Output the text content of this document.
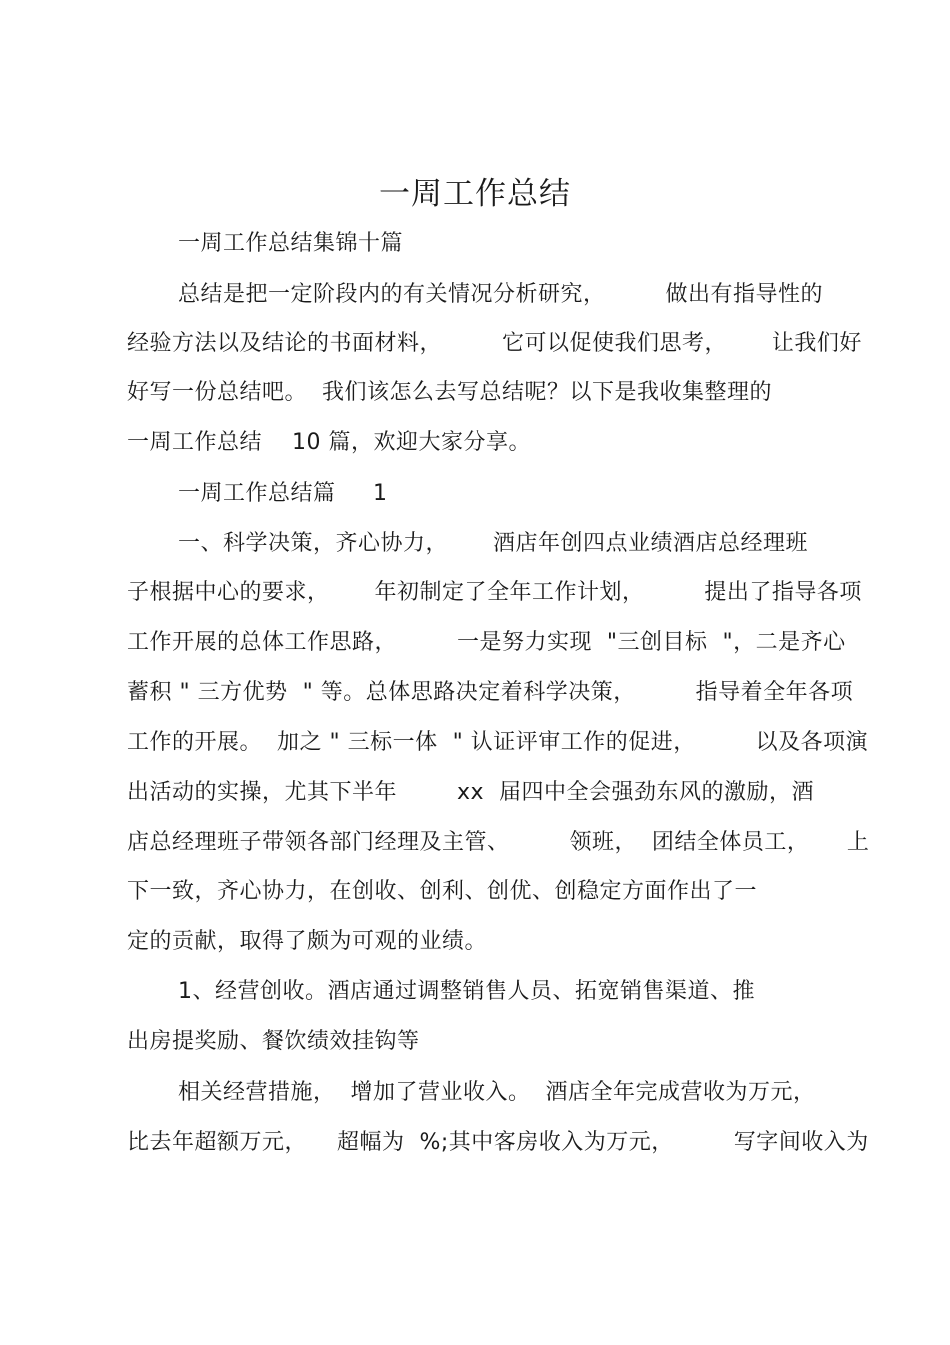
一周工作总结
一周工作总结集锦十篇
总结是把一定阶段内的有关情况分析研究，        做出有指导性的
经验方法以及结论的书面材料，        它可以促使我们思考，      让我们好
好写一份总结吧。  我们该怎么去写总结呢？以下是我收集整理的
一周工作总结    10 篇，欢迎大家分享。
一周工作总结篇     1
一、科学决策，齐心协力，      酒店年创四点业绩酒店总经理班
子根据中心的要求，      年初制定了全年工作计划，        提出了指导各项
工作开展的总体工作思路，        一是努力实现  "三创目标  "，二是齐心
蓄积 " 三方优势  " 等。总体思路决定着科学决策，        指导着全年各项
工作的开展。  加之 " 三标一体  " 认证评审工作的促进，        以及各项演
出活动的实操，尤其下半年        xx  届四中全会强劲东风的激励，酒
店总经理班子带领各部门经理及主管、        领班，  团结全体员工，     上
下一致，齐心协力，在创收、创利、创优、创稳定方面作出了一
定的贡献，取得了颇为可观的业绩。
1、经营创收。酒店通过调整销售人员、拓宽销售渠道、推
出房提奖励、餐饮绩效挂钩等
相关经营措施，  增加了营业收入。  酒店全年完成营收为万元，
比去年超额万元，    超幅为  %;其中客房收入为万元，        写字间收入为
